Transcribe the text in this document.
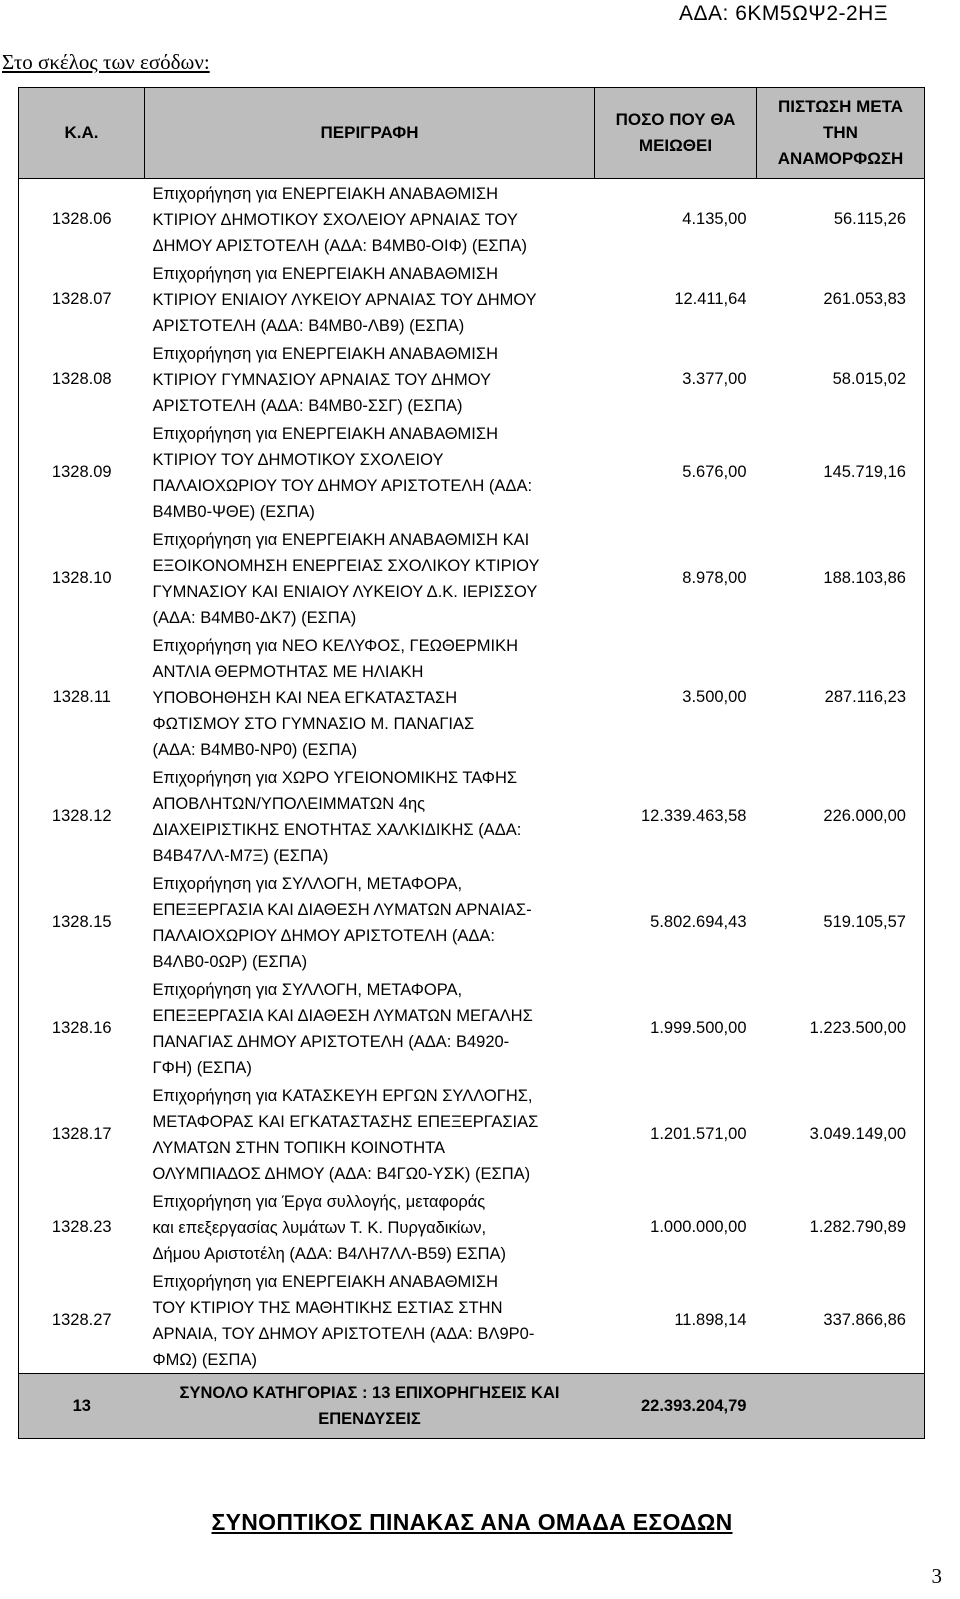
ΑΔΑ: 6ΚΜ5ΩΨ2-2ΗΞ
Στο σκέλος των εσόδων:
Κ.Α.	ΠΕΡΙΓΡΑΦΗ	ΠΟΣΟ ΠΟΥ ΘΑ ΜΕΙΩΘΕΙ	ΠΙΣΤΩΣΗ ΜΕΤΑ ΤΗΝ ΑΝΑΜΟΡΦΩΣΗ
1328.06	Επιχορήγηση για ΕΝΕΡΓΕΙΑΚΗ ΑΝΑΒΑΘΜΙΣΗ
ΚΤΙΡΙΟΥ ΔΗΜΟΤΙΚΟΥ ΣΧΟΛΕΙΟΥ ΑΡΝΑΙΑΣ ΤΟΥ
ΔΗΜΟΥ ΑΡΙΣΤΟΤΕΛΗ (ΑΔΑ: Β4ΜΒ0-ΟΙΦ) (ΕΣΠΑ)	4.135,00	56.115,26
1328.07	Επιχορήγηση για ΕΝΕΡΓΕΙΑΚΗ ΑΝΑΒΑΘΜΙΣΗ
ΚΤΙΡΙΟΥ ΕΝΙΑΙΟΥ ΛΥΚΕΙΟΥ ΑΡΝΑΙΑΣ ΤΟΥ ΔΗΜΟΥ
ΑΡΙΣΤΟΤΕΛΗ (ΑΔΑ: Β4ΜΒ0-ΛΒ9) (ΕΣΠΑ)	12.411,64	261.053,83
1328.08	Επιχορήγηση για ΕΝΕΡΓΕΙΑΚΗ ΑΝΑΒΑΘΜΙΣΗ
ΚΤΙΡΙΟΥ ΓΥΜΝΑΣΙΟΥ ΑΡΝΑΙΑΣ ΤΟΥ ΔΗΜΟΥ
ΑΡΙΣΤΟΤΕΛΗ (ΑΔΑ: Β4ΜΒ0-ΣΣΓ) (ΕΣΠΑ)	3.377,00	58.015,02
1328.09	Επιχορήγηση για ΕΝΕΡΓΕΙΑΚΗ ΑΝΑΒΑΘΜΙΣΗ
ΚΤΙΡΙΟΥ ΤΟΥ ΔΗΜΟΤΙΚΟΥ ΣΧΟΛΕΙΟΥ
ΠΑΛΑΙΟΧΩΡΙΟΥ ΤΟΥ ΔΗΜΟΥ ΑΡΙΣΤΟΤΕΛΗ (ΑΔΑ:
Β4ΜΒ0-ΨΘΕ) (ΕΣΠΑ)	5.676,00	145.719,16
1328.10	Επιχορήγηση για ΕΝΕΡΓΕΙΑΚΗ ΑΝΑΒΑΘΜΙΣΗ ΚΑΙ
ΕΞΟΙΚΟΝΟΜΗΣΗ ΕΝΕΡΓΕΙΑΣ ΣΧΟΛΙΚΟΥ ΚΤΙΡΙΟΥ
ΓΥΜΝΑΣΙΟΥ ΚΑΙ ΕΝΙΑΙΟΥ ΛΥΚΕΙΟΥ Δ.Κ. ΙΕΡΙΣΣΟΥ
(ΑΔΑ: Β4ΜΒ0-ΔΚ7) (ΕΣΠΑ)	8.978,00	188.103,86
1328.11	Επιχορήγηση για ΝΕΟ ΚΕΛΥΦΟΣ, ΓΕΩΘΕΡΜΙΚΗ
ΑΝΤΛΙΑ ΘΕΡΜΟΤΗΤΑΣ ΜΕ ΗΛΙΑΚΗ
ΥΠΟΒΟΗΘΗΣΗ ΚΑΙ ΝΕΑ ΕΓΚΑΤΑΣΤΑΣΗ
ΦΩΤΙΣΜΟΥ ΣΤΟ ΓΥΜΝΑΣΙΟ Μ. ΠΑΝΑΓΙΑΣ
(ΑΔΑ: Β4ΜΒ0-ΝΡ0) (ΕΣΠΑ)	3.500,00	287.116,23
1328.12	Επιχορήγηση για ΧΩΡΟ ΥΓΕΙΟΝΟΜΙΚΗΣ ΤΑΦΗΣ
ΑΠΟΒΛΗΤΩΝ/ΥΠΟΛΕΙΜΜΑΤΩΝ 4ης
ΔΙΑΧΕΙΡΙΣΤΙΚΗΣ ΕΝΟΤΗΤΑΣ ΧΑΛΚΙΔΙΚΗΣ (ΑΔΑ:
Β4Β47ΛΛ-Μ7Ξ) (ΕΣΠΑ)	12.339.463,58	226.000,00
1328.15	Επιχορήγηση για ΣΥΛΛΟΓΗ, ΜΕΤΑΦΟΡΑ,
ΕΠΕΞΕΡΓΑΣΙΑ ΚΑΙ ΔΙΑΘΕΣΗ ΛΥΜΑΤΩΝ ΑΡΝΑΙΑΣ-
ΠΑΛΑΙΟΧΩΡΙΟΥ ΔΗΜΟΥ ΑΡΙΣΤΟΤΕΛΗ (ΑΔΑ:
Β4ΛΒ0-0ΩΡ) (ΕΣΠΑ)	5.802.694,43	519.105,57
1328.16	Επιχορήγηση για ΣΥΛΛΟΓΗ, ΜΕΤΑΦΟΡΑ,
ΕΠΕΞΕΡΓΑΣΙΑ ΚΑΙ ΔΙΑΘΕΣΗ ΛΥΜΑΤΩΝ ΜΕΓΑΛΗΣ
ΠΑΝΑΓΙΑΣ ΔΗΜΟΥ ΑΡΙΣΤΟΤΕΛΗ (ΑΔΑ: Β4920-
ΓΦΗ) (ΕΣΠΑ)	1.999.500,00	1.223.500,00
1328.17	Επιχορήγηση για ΚΑΤΑΣΚΕΥΗ ΕΡΓΩΝ ΣΥΛΛΟΓΗΣ,
ΜΕΤΑΦΟΡΑΣ ΚΑΙ ΕΓΚΑΤΑΣΤΑΣΗΣ ΕΠΕΞΕΡΓΑΣΙΑΣ
ΛΥΜΑΤΩΝ ΣΤΗΝ ΤΟΠΙΚΗ ΚΟΙΝΟΤΗΤΑ
ΟΛΥΜΠΙΑΔΟΣ ΔΗΜΟΥ (ΑΔΑ: Β4ΓΩ0-ΥΣΚ) (ΕΣΠΑ)	1.201.571,00	3.049.149,00
1328.23	Επιχορήγηση για Έργα συλλογής, μεταφοράς
και επεξεργασίας λυμάτων Τ. Κ. Πυργαδικίων,
Δήμου Αριστοτέλη (ΑΔΑ: Β4ΛΗ7ΛΛ-Β59) ΕΣΠΑ)	1.000.000,00	1.282.790,89
1328.27	Επιχορήγηση για ΕΝΕΡΓΕΙΑΚΗ ΑΝΑΒΑΘΜΙΣΗ
ΤΟΥ ΚΤΙΡΙΟΥ ΤΗΣ ΜΑΘΗΤΙΚΗΣ ΕΣΤΙΑΣ ΣΤΗΝ
ΑΡΝΑΙΑ, ΤΟΥ ΔΗΜΟΥ ΑΡΙΣΤΟΤΕΛΗ (ΑΔΑ: ΒΛ9Ρ0-
ΦΜΩ) (ΕΣΠΑ)	11.898,14	337.866,86
13	ΣΥΝΟΛΟ ΚΑΤΗΓΟΡΙΑΣ : 13 ΕΠΙΧΟΡΗΓΗΣΕΙΣ ΚΑΙ
ΕΠΕΝΔΥΣΕΙΣ	22.393.204,79	
ΣΥΝΟΠΤΙΚΟΣ ΠΙΝΑΚΑΣ ΑΝΑ ΟΜΑΔΑ ΕΣΟΔΩΝ
3
